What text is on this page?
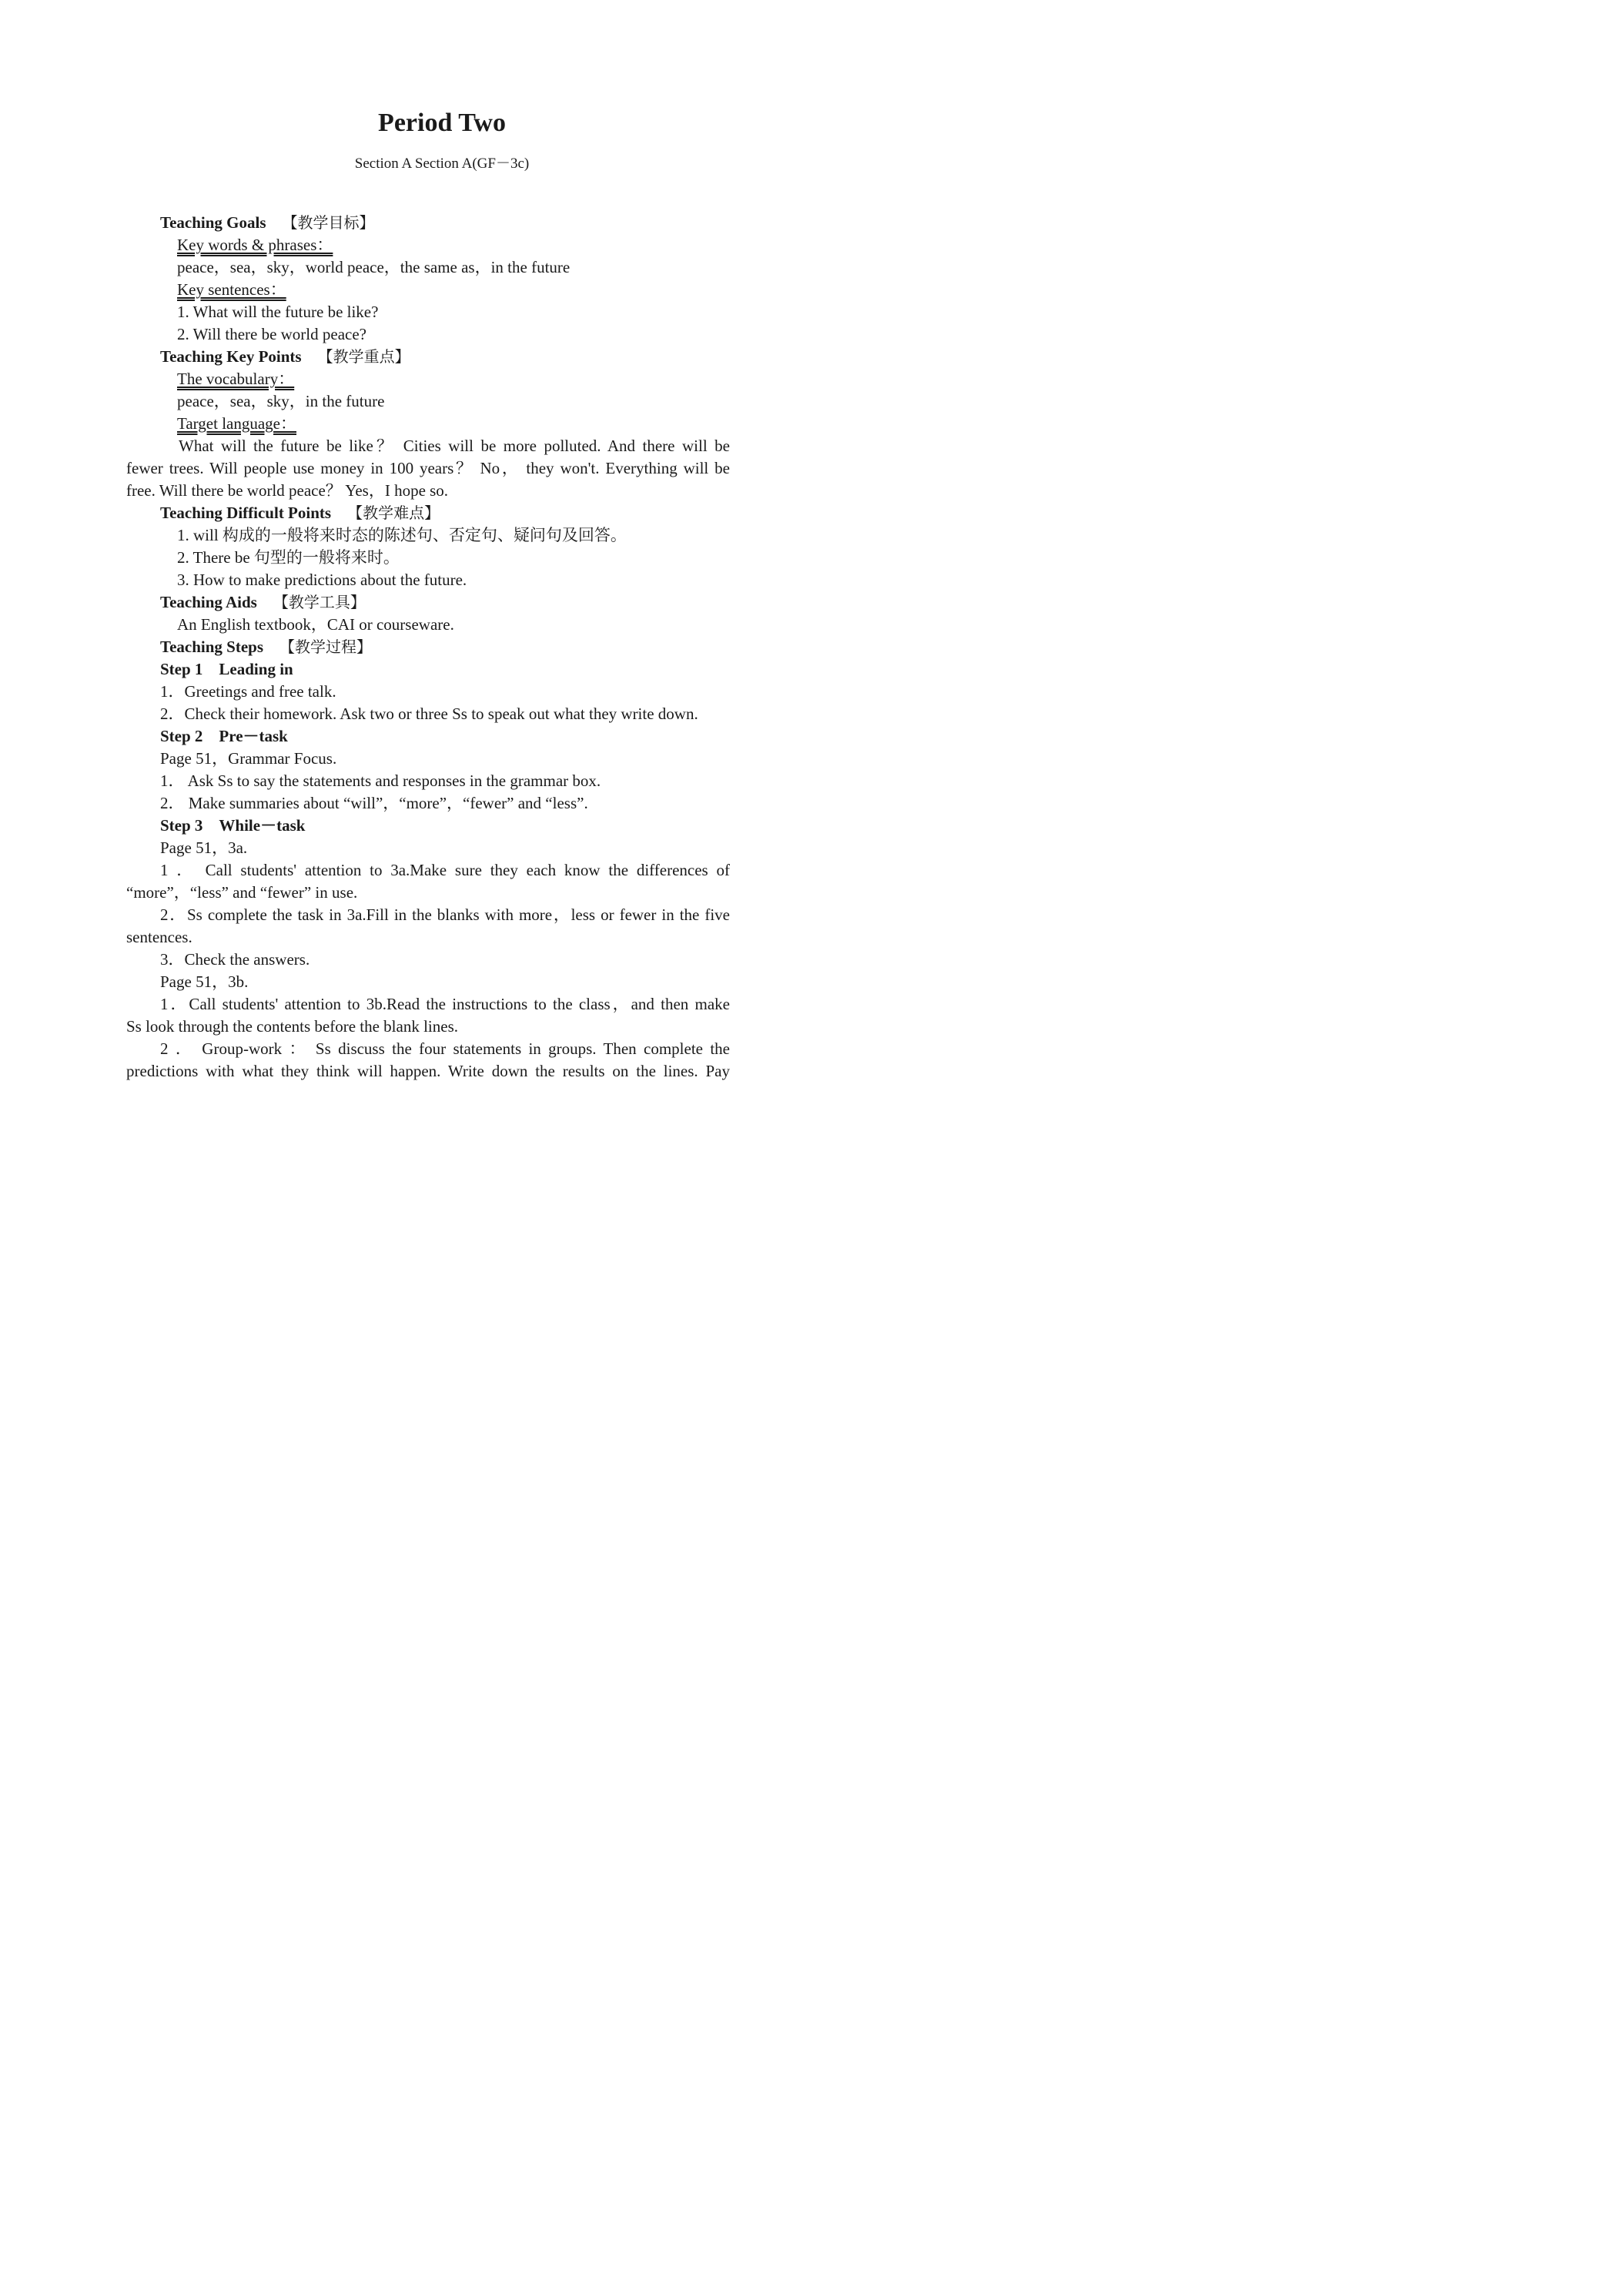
Period Two
Section A Section A(GF－3c)
Teaching Goals 【教学目标】
Key words & phrases：
peace，sea，sky，world peace，the same as，in the future
Key sentences：
1. What will the future be like?
2. Will there be world peace?
Teaching Key Points 【教学重点】
The vocabulary：
peace，sea，sky，in the future
Target language：
What will the future be like？ Cities will be more polluted. And there will be
fewer trees. Will people use money in 100 years？ No， they won't. Everything will be
free. Will there be world peace？ Yes，I hope so.
Teaching Difficult Points 【教学难点】
1. will 构成的一般将来时态的陈述句、否定句、疑问句及回答。
2. There be 句型的一般将来时。
3. How to make predictions about the future.
Teaching Aids 【教学工具】
An English textbook，CAI or courseware.
Teaching Steps 【教学过程】
Step 1　Leading in
1．Greetings and free talk.
2．Check their homework. Ask two or three Ss to speak out what they write down.
Step 2　Pre－task
Page 51，Grammar Focus.
1． Ask Ss to say the statements and responses in the grammar box.
2． Make summaries about “will”，“more”，“fewer” and “less”.
Step 3　While－task
Page 51，3a.
1 ． Call students' attention to 3a.Make sure they each know the differences of
“more”，“less” and “fewer” in use.
2．Ss complete the task in 3a.Fill in the blanks with more，less or fewer in the five
sentences.
3．Check the answers.
Page 51，3b.
1．Call students' attention to 3b.Read the instructions to the class，and then make
Ss look through the contents before the blank lines.
2 ． Group-work ： Ss discuss the four statements in groups. Then complete the
predictions with what they think will happen. Write down the results on the lines. Pay
